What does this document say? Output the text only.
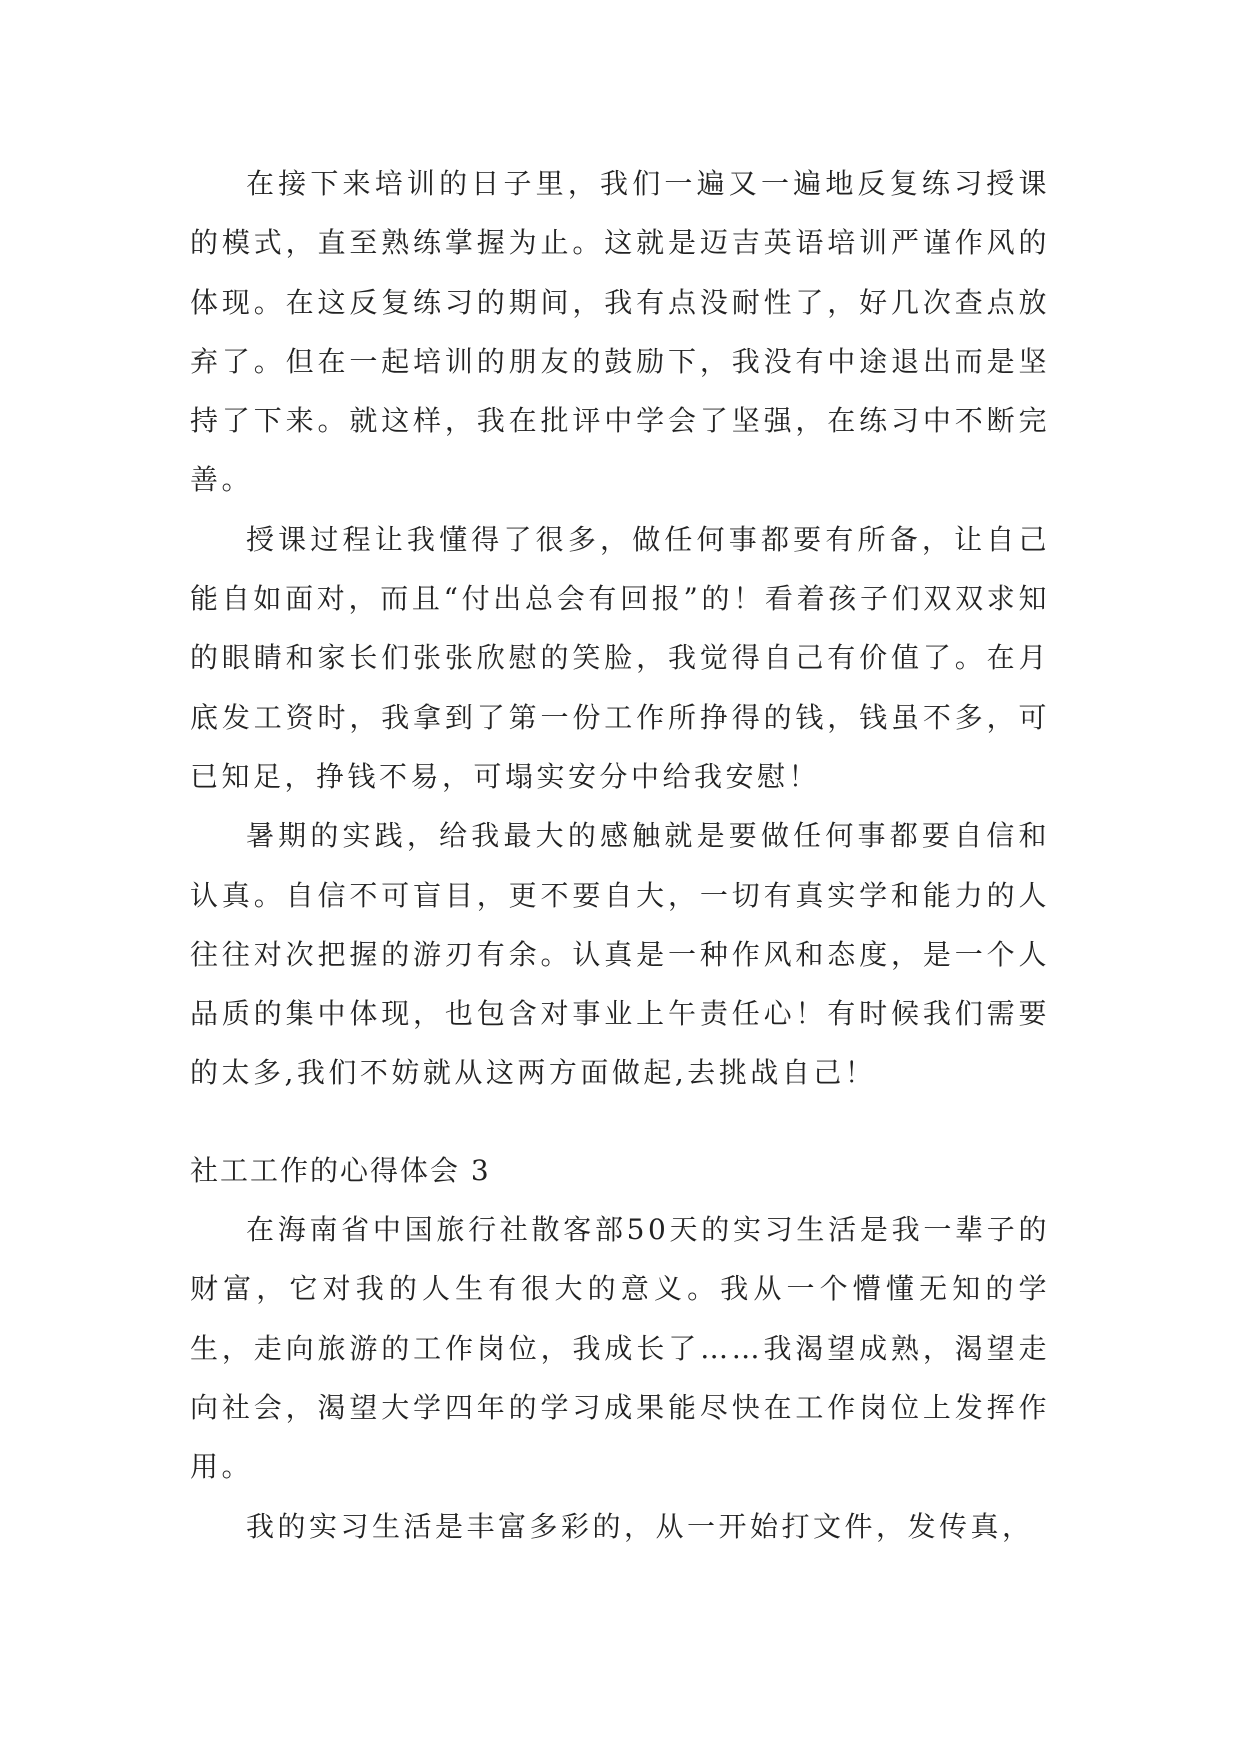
在接下来培训的日子里，我们一遍又一遍地反复练习授课的模式，直至熟练掌握为止。这就是迈吉英语培训严谨作风的体现。在这反复练习的期间，我有点没耐性了，好几次查点放弃了。但在一起培训的朋友的鼓励下，我没有中途退出而是坚持了下来。就这样，我在批评中学会了坚强，在练习中不断完善。

授课过程让我懂得了很多，做任何事都要有所备，让自己能自如面对，而且“付出总会有回报”的！看着孩子们双双求知的眼睛和家长们张张欣慰的笑脸，我觉得自己有价值了。在月底发工资时，我拿到了第一份工作所挣得的钱，钱虽不多，可已知足，挣钱不易，可塌实安分中给我安慰！

暑期的实践，给我最大的感触就是要做任何事都要自信和认真。自信不可盲目，更不要自大，一切有真实学和能力的人往往对次把握的游刃有余。认真是一种作风和态度，是一个人品质的集中体现，也包含对事业上午责任心！有时候我们需要的太多,我们不妨就从这两方面做起,去挑战自己！

社工工作的心得体会 3

在海南省中国旅行社散客部50天的实习生活是我一辈子的财富，它对我的人生有很大的意义。我从一个懵懂无知的学生，走向旅游的工作岗位，我成长了……我渴望成熟，渴望走向社会，渴望大学四年的学习成果能尽快在工作岗位上发挥作用。

我的实习生活是丰富多彩的，从一开始打文件，发传真，
